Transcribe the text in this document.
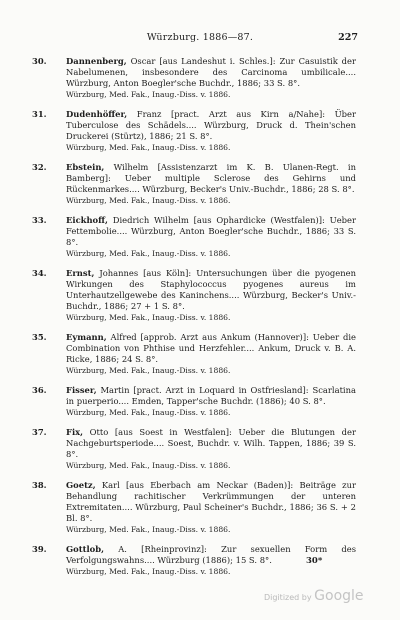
Würzburg. 1886—87.	227
30.	Dannenberg, Oscar [aus Landeshut i. Schles.]: Zur Casuistik der Nabelumenen, insbesondere des Carcinoma umbilicale.... Würzburg, Anton Boegler'sche Buchdr., 1886; 33 S. 8°.
Würzburg, Med. Fak., Inaug.-Diss. v. 1886.
31.	Dudenhöffer, Franz [pract. Arzt aus Kirn a/Nahe]: Über Tuberculose des Schädels.... Würzburg, Druck d. Thein'schen Druckerei (Stürtz), 1886; 21 S. 8°.
Würzburg, Med. Fak., Inaug.-Diss. v. 1886.
32.	Ebstein, Wilhelm [Assistenzarzt im K. B. Ulanen-Regt. in Bamberg]: Ueber multiple Sclerose des Gehirns und Rückenmarkes.... Würzburg, Becker's Univ.-Buchdr., 1886; 28 S. 8°.
Würzburg, Med. Fak., Inaug.-Diss. v. 1886.
33.	Eickhoff, Diedrich Wilhelm [aus Ophardicke (Westfalen)]: Ueber Fettembolie.... Würzburg, Anton Boegler'sche Buchdr., 1886; 33 S. 8°.
Würzburg, Med. Fak., Inaug.-Diss. v. 1886.
34.	Ernst, Johannes [aus Köln]: Untersuchungen über die pyogenen Wirkungen des Staphylococcus pyogenes aureus im Unterhautzellgewebe des Kaninchens.... Würzburg, Becker's Univ.-Buchdr., 1886; 27 + 1 S. 8°.
Würzburg, Med. Fak., Inaug.-Diss. v. 1886.
35.	Eymann, Alfred [approb. Arzt aus Ankum (Hannover)]: Ueber die Combination von Phthise und Herzfehler.... Ankum, Druck v. B. A. Ricke, 1886; 24 S. 8°.
Würzburg, Med. Fak., Inaug.-Diss. v. 1886.
36.	Fisser, Martin [pract. Arzt in Loquard in Ostfriesland]: Scarlatina in puerperio.... Emden, Tapper'sche Buchdr. (1886); 40 S. 8°.
Würzburg, Med. Fak., Inaug.-Diss. v. 1886.
37.	Fix, Otto [aus Soest in Westfalen]: Ueber die Blutungen der Nachgeburtsperiode.... Soest, Buchdr. v. Wilh. Tappen, 1886; 39 S. 8°.
Würzburg, Med. Fak., Inaug.-Diss. v. 1886.
38.	Goetz, Karl [aus Eberbach am Neckar (Baden)]: Beiträge zur Behandlung rachitischer Verkrümmungen der unteren Extremitaten.... Würzburg, Paul Scheiner's Buchdr., 1886; 36 S. + 2 Bl. 8°.
Würzburg, Med. Fak., Inaug.-Diss. v. 1886.
39.	Gottlob, A. [Rheinprovinz]: Zur sexuellen Form des Verfolgungswahns.... Würzburg (1886); 15 S. 8°.
Würzburg, Med. Fak., Inaug.-Diss. v. 1886.
30*
Digitized by Google
